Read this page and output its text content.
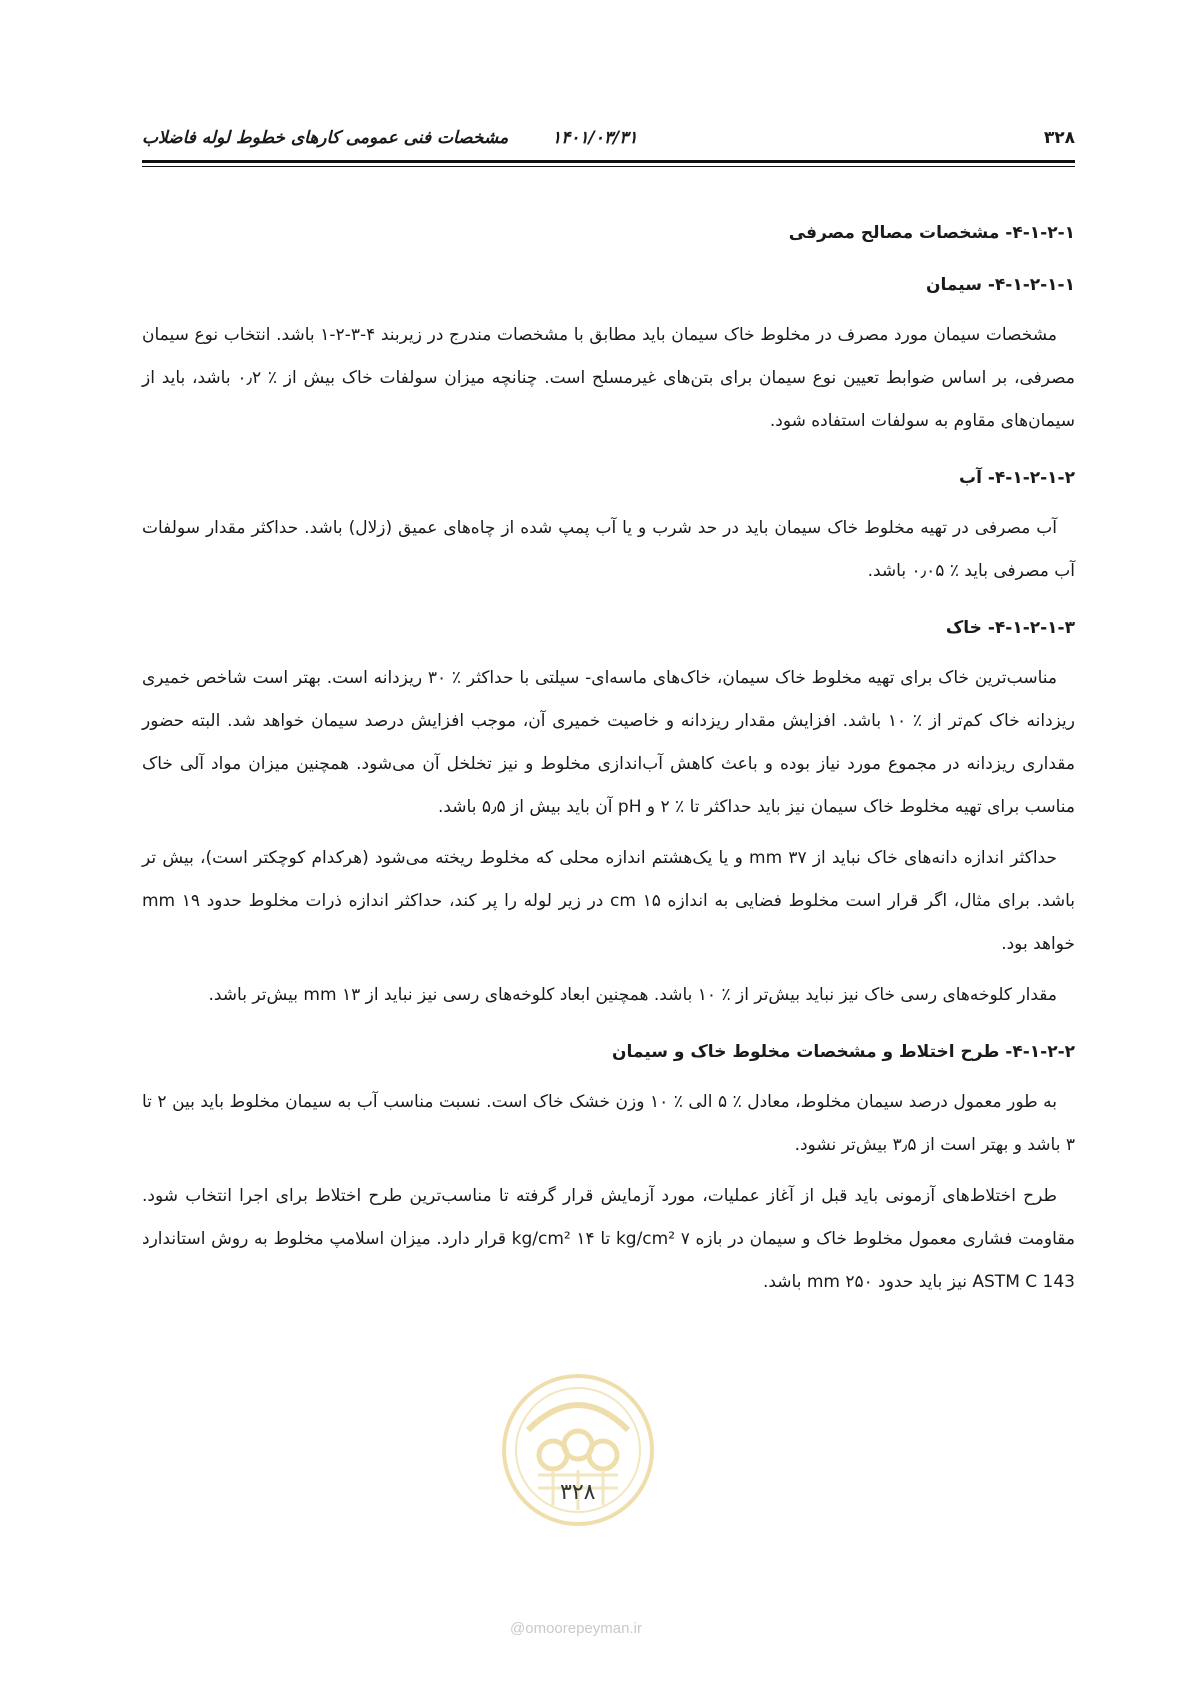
۳۲۸
۱۴۰۱/۰۳/۳۱
مشخصات فنی عمومی کارهای خطوط لوله فاضلاب
۴-۱-۲-۱- مشخصات مصالح مصرفی
۴-۱-۲-۱-۱- سیمان

مشخصات سیمان مورد مصرف در مخلوط خاک سیمان باید مطابق با مشخصات مندرج در زیربند ۴-۳-۲-۱ باشد. انتخاب نوع سیمان مصرفی، بر اساس ضوابط تعیین نوع سیمان برای بتن‌های غیرمسلح است. چنانچه میزان سولفات خاک بیش از ٪ ۰٫۲ باشد، باید از سیمان‌های مقاوم به سولفات استفاده شود.

۴-۱-۲-۱-۲- آب

آب مصرفی در تهیه مخلوط خاک سیمان باید در حد شرب و یا آب پمپ شده از چاه‌های عمیق (زلال) باشد. حداکثر مقدار سولفات آب مصرفی باید ٪ ۰٫۰۵ باشد.

۴-۱-۲-۱-۳- خاک

مناسب‌ترین خاک برای تهیه مخلوط خاک سیمان، خاک‌های ماسه‌ای- سیلتی با حداکثر ٪ ۳۰ ریزدانه است. بهتر است شاخص خمیری ریزدانه خاک کم‌تر از ٪ ۱۰ باشد. افزایش مقدار ریزدانه و خاصیت خمیری آن، موجب افزایش درصد سیمان خواهد شد. البته حضور مقداری ریزدانه در مجموع مورد نیاز بوده و باعث کاهش آب‌اندازی مخلوط و نیز تخلخل آن می‌شود. همچنین میزان مواد آلی خاک مناسب برای تهیه مخلوط خاک سیمان نیز باید حداکثر تا ٪ ۲ و pH آن باید بیش از ۵٫۵ باشد.

حداکثر اندازه دانه‌های خاک نباید از mm ۳۷ و یا یک‌هشتم اندازه محلی که مخلوط ریخته می‌شود (هرکدام کوچکتر است)، بیش تر باشد. برای مثال، اگر قرار است مخلوط فضایی به اندازه cm ۱۵ در زیر لوله را پر کند، حداکثر اندازه ذرات مخلوط حدود mm ۱۹ خواهد بود.

مقدار کلوخه‌های رسی خاک نیز نباید بیش‌تر از ٪ ۱۰ باشد. همچنین ابعاد کلوخه‌های رسی نیز نباید از mm ۱۳ بیش‌تر باشد.

۴-۱-۲-۲- طرح اختلاط و مشخصات مخلوط خاک و سیمان

به طور معمول درصد سیمان مخلوط، معادل ٪ ۵ الی ٪ ۱۰ وزن خشک خاک است. نسبت مناسب آب به سیمان مخلوط باید بین ۲ تا ۳ باشد و بهتر است از ۳٫۵ بیش‌تر نشود.

طرح اختلاط‌های آزمونی باید قبل از آغاز عملیات، مورد آزمایش قرار گرفته تا مناسب‌ترین طرح اختلاط برای اجرا انتخاب شود. مقاومت فشاری معمول مخلوط خاک و سیمان در بازه ۷ kg/cm² تا ۱۴ kg/cm² قرار دارد. میزان اسلامپ مخلوط به روش استاندارد ASTM C 143 نیز باید حدود mm ۲۵۰ باشد.

۳۲۸
@omoorepeyman.ir
